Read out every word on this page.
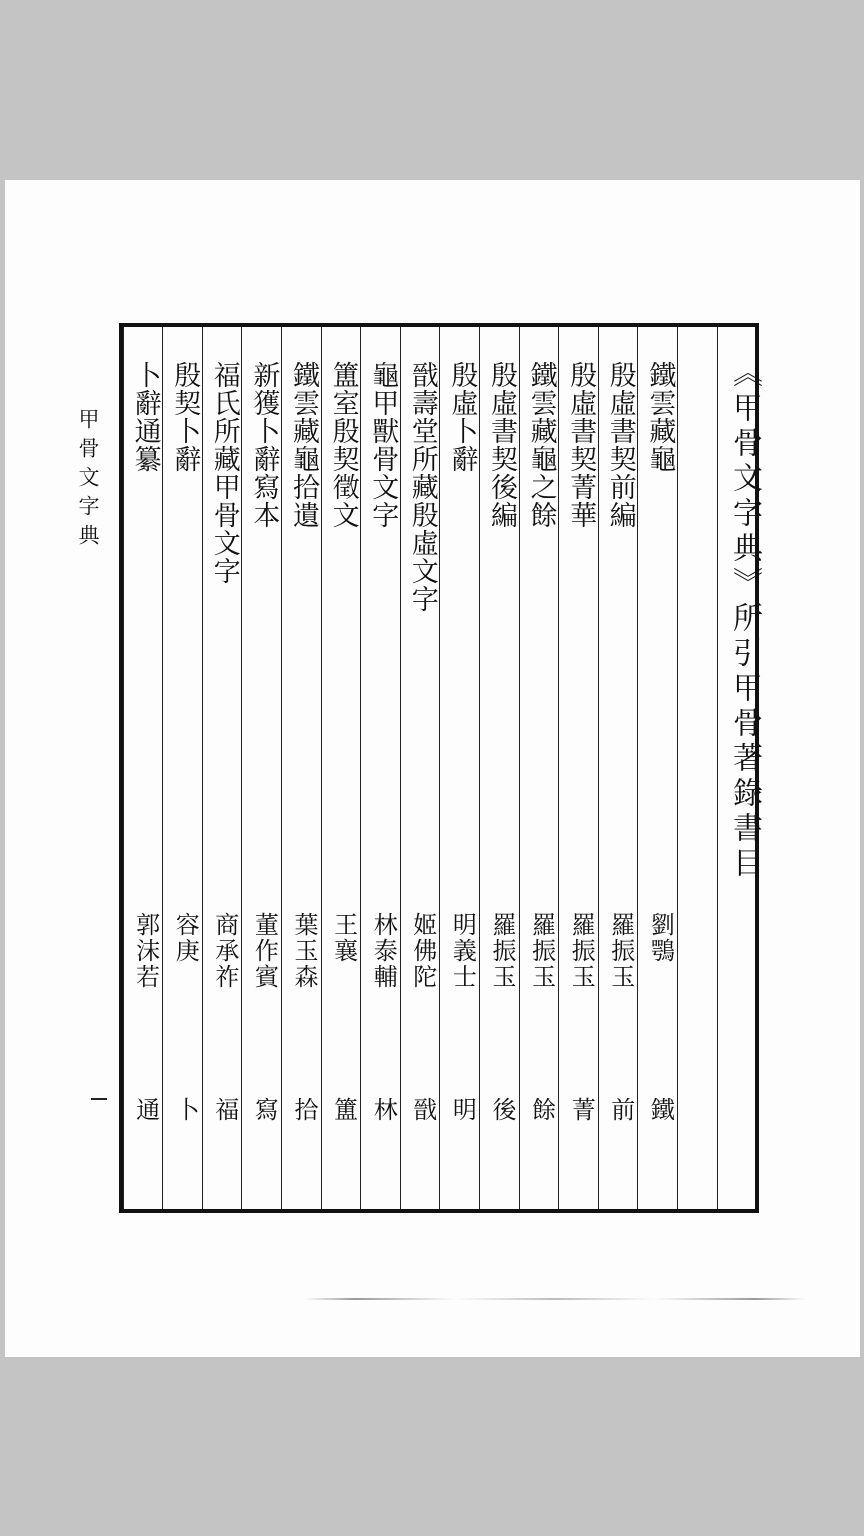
甲骨文字典	《甲骨文字典》所引甲骨著錄書目
鐵雲藏龜
劉鶚
鐵
殷虛書契前編
羅振玉
前
殷虛書契菁華
羅振玉
菁
鐵雲藏龜之餘
羅振玉
餘
殷虛書契後編
羅振玉
後
殷虛卜辭
明義士
明
戩壽堂所藏殷虛文字
姬佛陀
戩
龜甲獸骨文字
林泰輔
林
簠室殷契徵文
王襄
簠
鐵雲藏龜拾遺
葉玉森
拾
新獲卜辭寫本
董作賓
寫
福氏所藏甲骨文字
商承祚
福
殷契卜辭
容庚
卜
卜辭通纂
郭沫若
通
